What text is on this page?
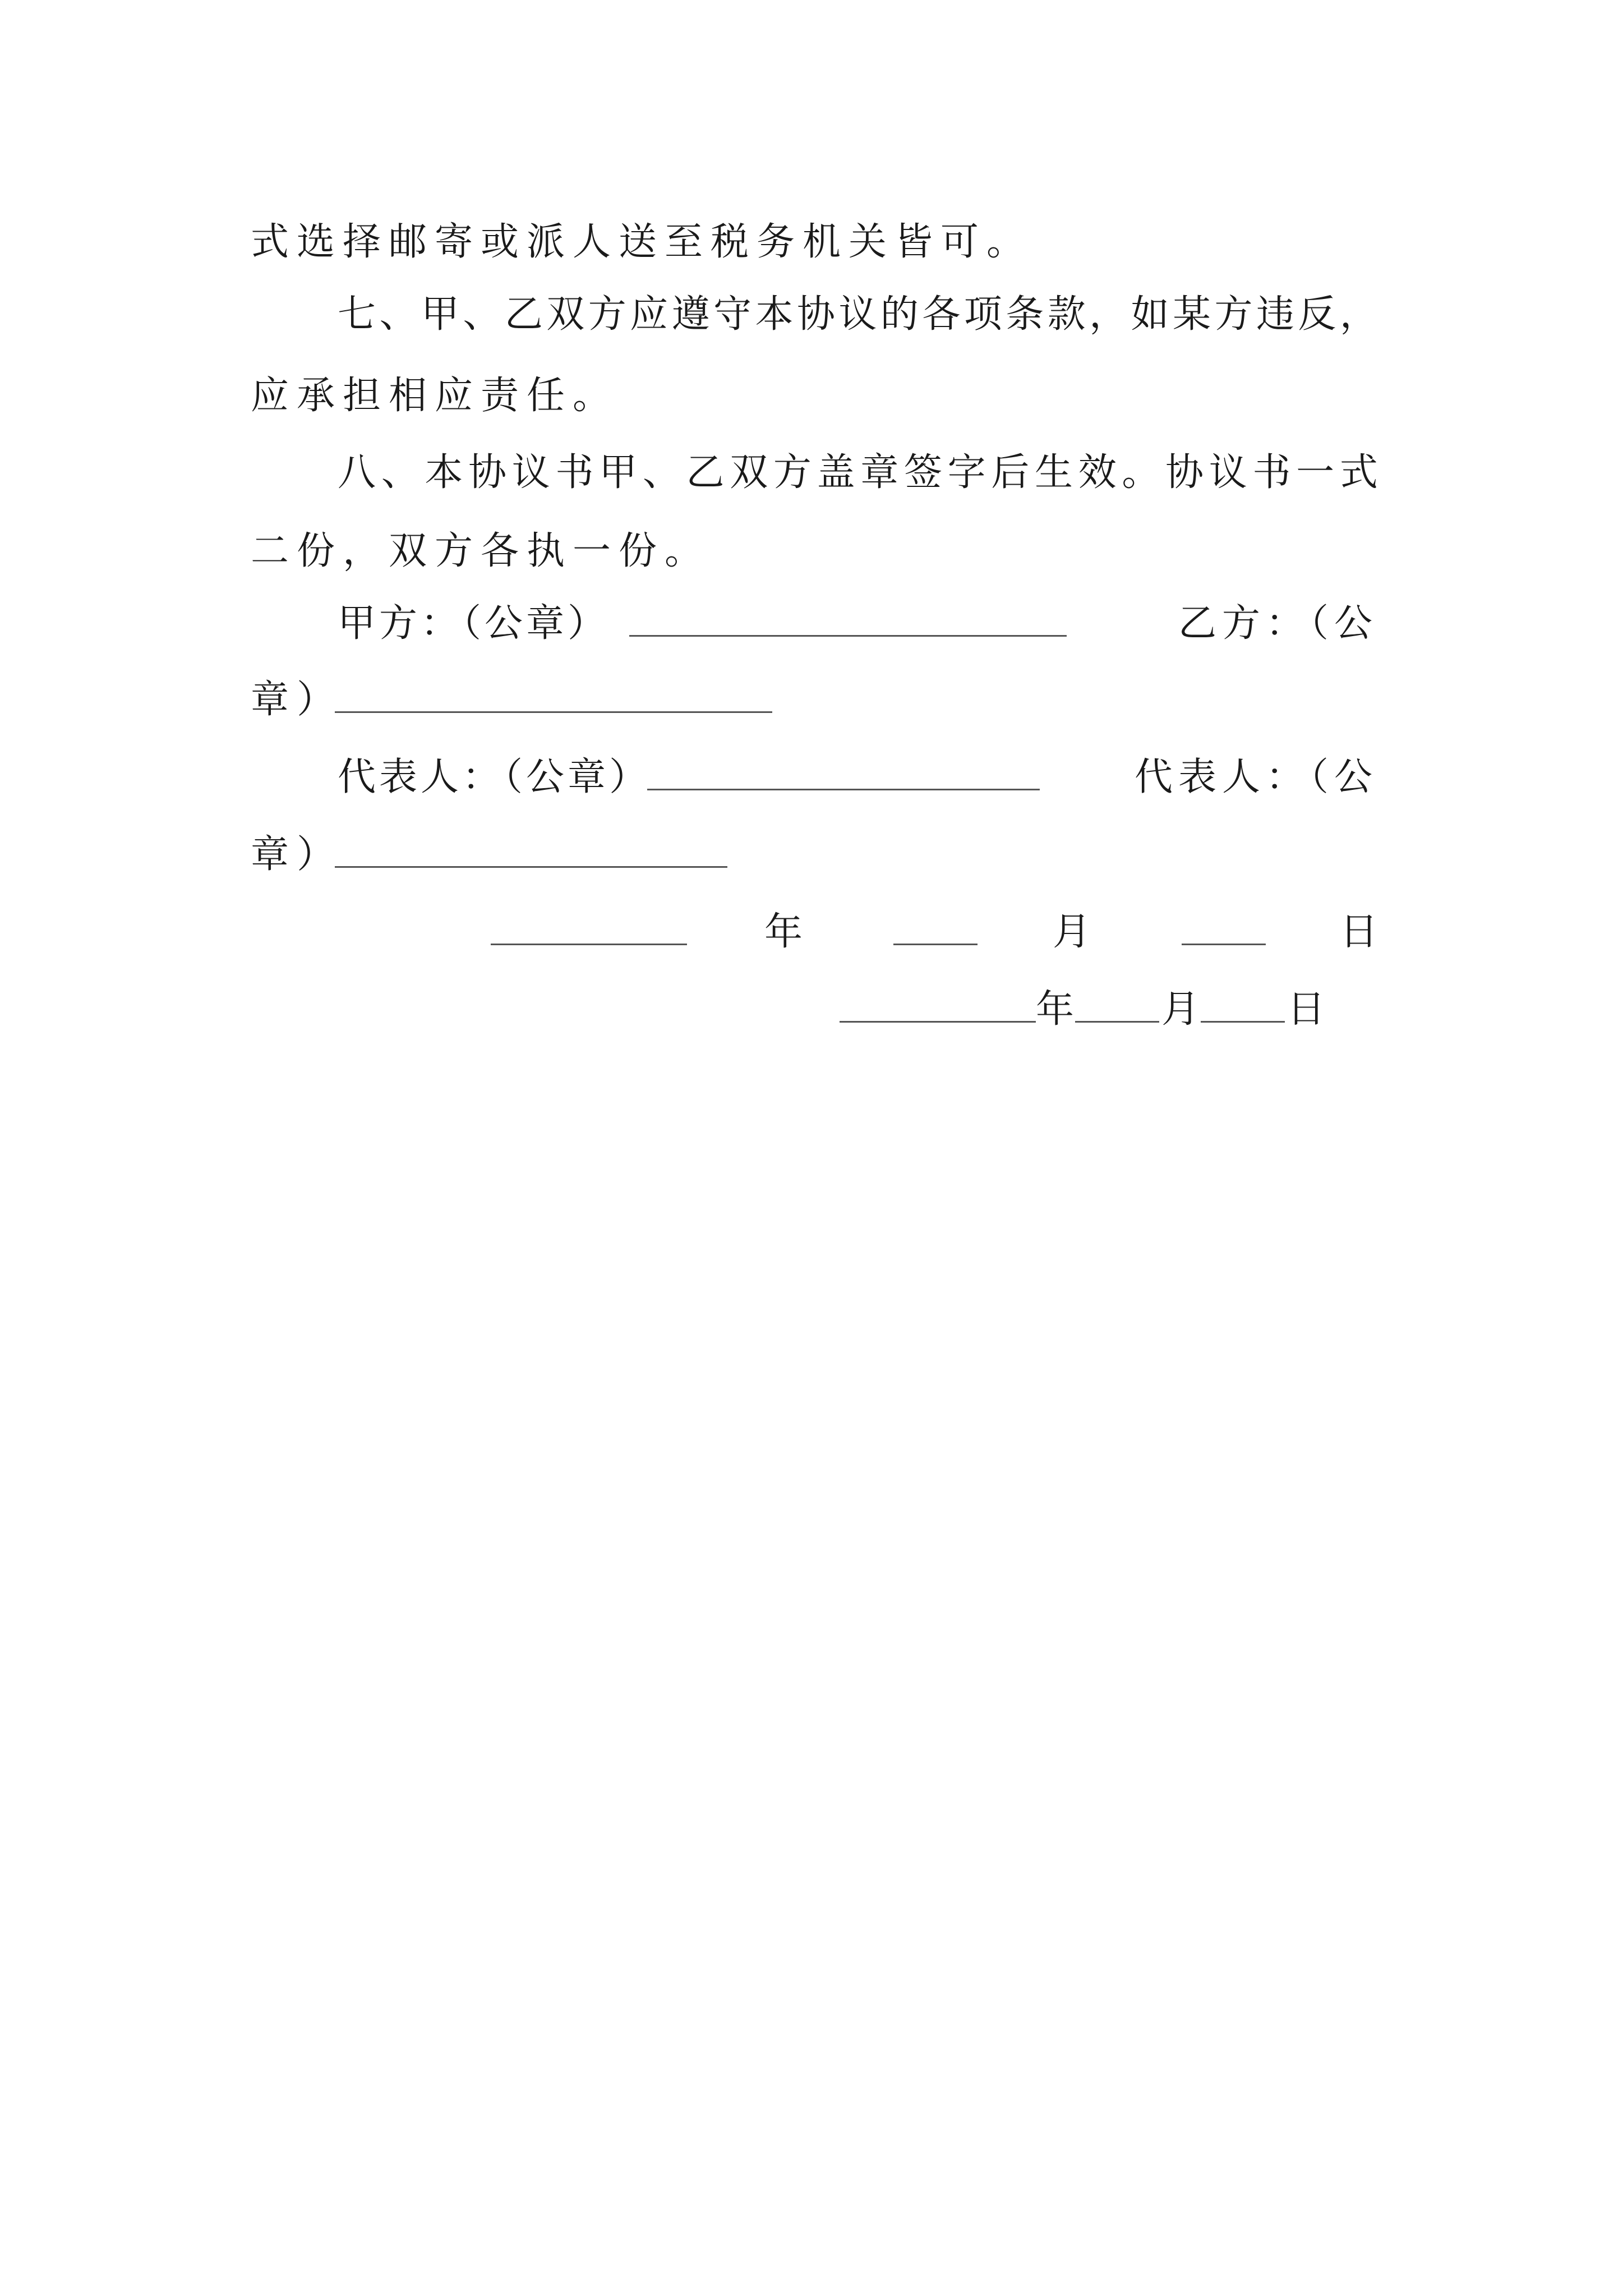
式选择邮寄或派人送至税务机关皆可。
七 、 甲 、 乙 双 方 应 遵 守 本 协 议 的 各 项 条 款 ， 如 某 方 违 反 ，
应承担相应责任。
八 、 本 协 议 书 甲 、 乙 双 方 盖 章 签 字 后 生 效 。 协 议 书 一 式
二份，双方各执一份。
甲方：（公章）	乙方：（公
章）
代表人：（公章）	代表人：（公
章）
年	月	日
年 月 日
